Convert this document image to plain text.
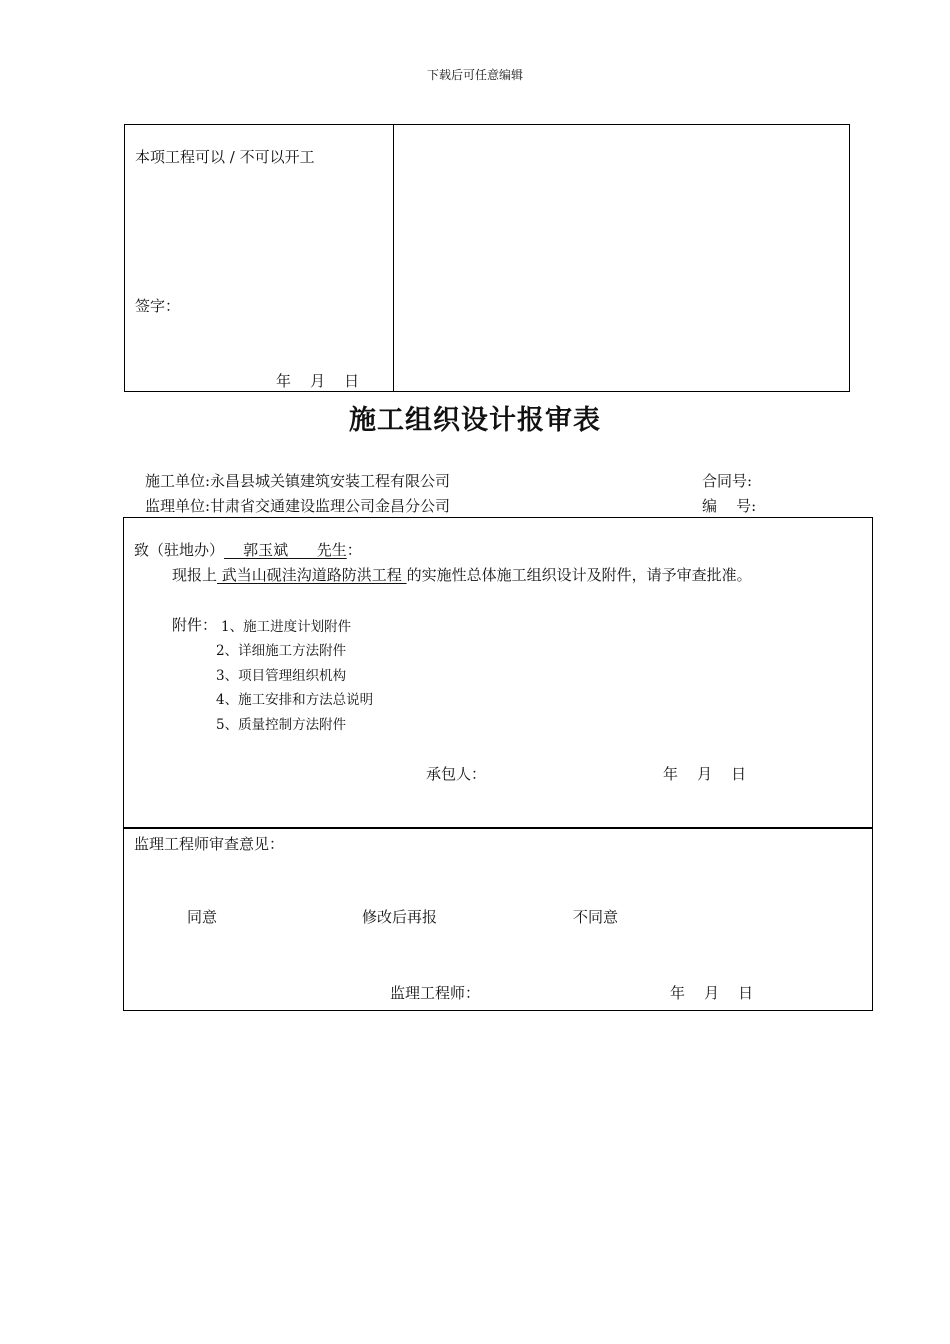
下载后可任意编辑
本项工程可以 / 不可以开工
签字：
年    月    日
施工组织设计报审表
施工单位:永昌县城关镇建筑安装工程有限公司	合同号:
监理单位:甘肃省交通建设监理公司金昌分公司	编    号:
致（驻地办）    郭玉斌      先生：
现报上 武当山砚洼沟道路防洪工程 的实施性总体施工组织设计及附件，请予审查批准。
附件： 1、施工进度计划附件
2、详细施工方法附件
3、项目管理组织机构
4、施工安排和方法总说明
5、质量控制方法附件
承包人：	年    月    日
监理工程师审查意见：
同意	修改后再报	不同意
监理工程师：	年    月    日
